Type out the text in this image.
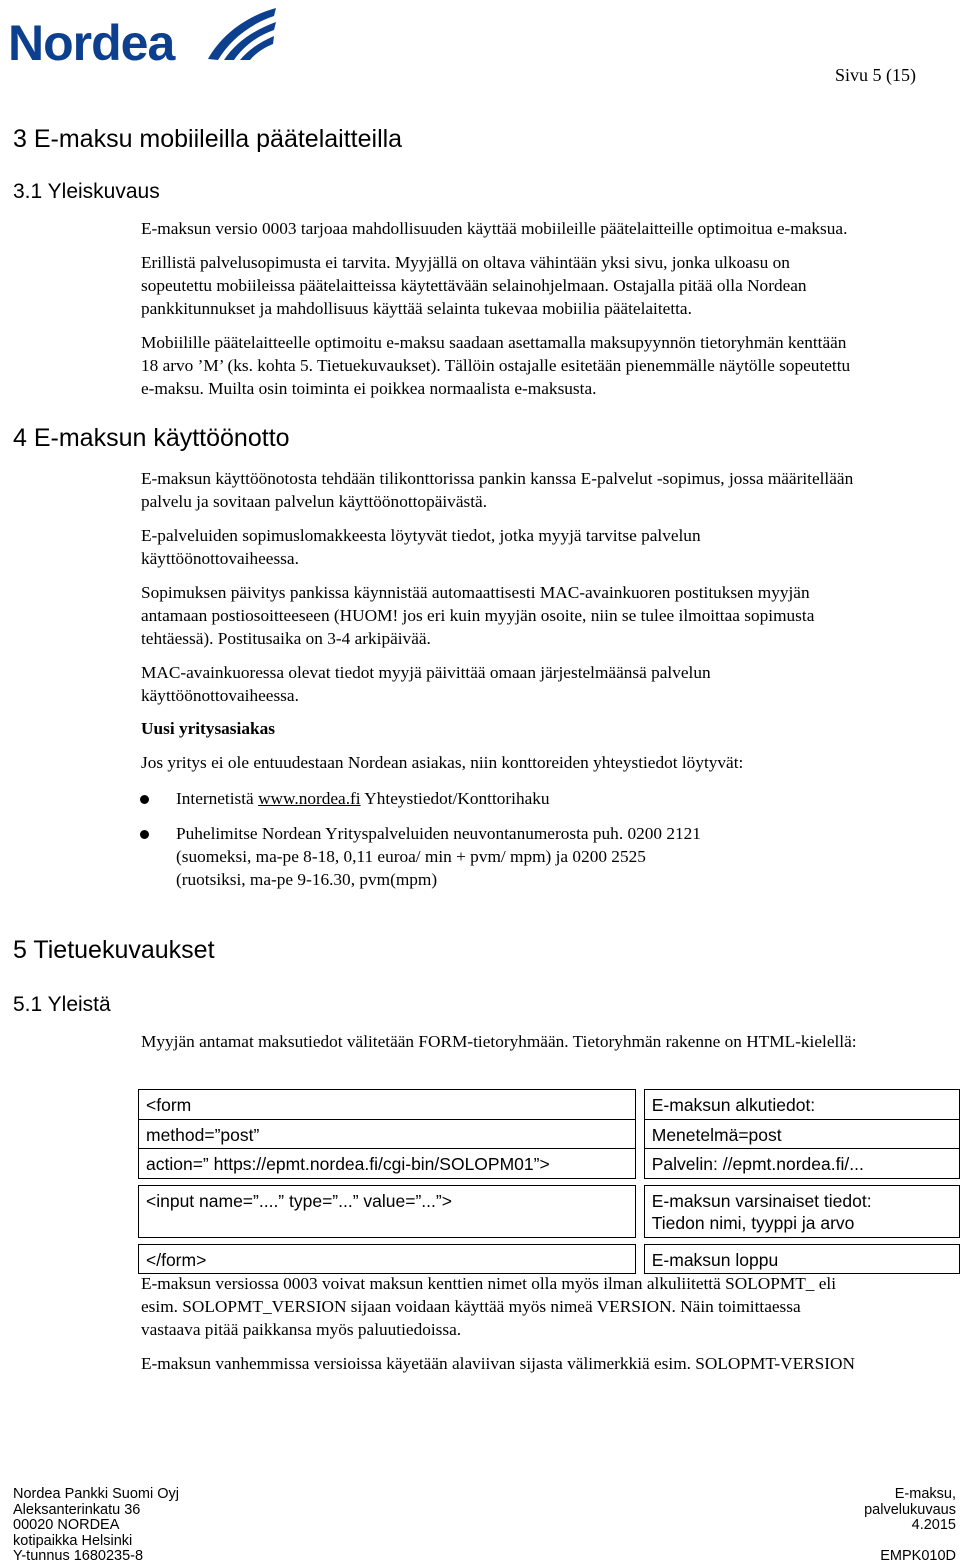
Nordea
Sivu 5 (15)
3 E-maksu mobiileilla päätelaitteilla
3.1 Yleiskuvaus
E-maksun versio 0003 tarjoaa mahdollisuuden käyttää mobiileille päätelaitteille optimoitua e-maksua.
Erillistä palvelusopimusta ei tarvita. Myyjällä on oltava vähintään yksi sivu, jonka ulkoasu on
sopeutettu mobiileissa päätelaitteissa käytettävään selainohjelmaan. Ostajalla pitää olla Nordean
pankkitunnukset ja mahdollisuus käyttää selainta tukevaa mobiilia päätelaitetta.
Mobiilille päätelaitteelle optimoitu e-maksu saadaan asettamalla maksupyynnön tietoryhmän kenttään
18 arvo ’M’ (ks. kohta 5. Tietuekuvaukset). Tällöin ostajalle esitetään pienemmälle näytölle sopeutettu
e-maksu. Muilta osin toiminta ei poikkea normaalista e-maksusta.
4 E-maksun käyttöönotto
E-maksun käyttöönotosta tehdään tilikonttorissa pankin kanssa E-palvelut -sopimus, jossa määritellään
palvelu ja sovitaan palvelun käyttöönottopäivästä.
E-palveluiden sopimuslomakkeesta löytyvät tiedot, jotka myyjä tarvitse palvelun
käyttöönottovaiheessa.
Sopimuksen päivitys pankissa käynnistää automaattisesti MAC-avainkuoren postituksen myyjän
antamaan postiosoitteeseen (HUOM! jos eri kuin myyjän osoite, niin se tulee ilmoittaa sopimusta
tehtäessä). Postitusaika on 3-4 arkipäivää.
MAC-avainkuoressa olevat tiedot myyjä päivittää omaan järjestelmäänsä palvelun
käyttöönottovaiheessa.
Uusi yritysasiakas
Jos yritys ei ole entuudestaan Nordean asiakas, niin konttoreiden yhteystiedot löytyvät:
Internetistä www.nordea.fi Yhteystiedot/Konttorihaku
Puhelimitse Nordean Yrityspalveluiden neuvontanumerosta puh. 0200 2121
(suomeksi, ma-pe 8-18, 0,11 euroa/ min + pvm/ mpm) ja 0200 2525
(ruotsiksi, ma-pe 9-16.30, pvm(mpm)
5 Tietuekuvaukset
5.1 Yleistä
Myyjän antamat maksutiedot välitetään FORM-tietoryhmään. Tietoryhmän rakenne on HTML-kielellä:
<form		E-maksun alkutiedot:
method=”post”		Menetelmä=post
action=” https://epmt.nordea.fi/cgi-bin/SOLOPM01”>		Palvelin: //epmt.nordea.fi/...

<input name=”....” type=”...” value=”...”>		E-maksun varsinaiset tiedot:
Tiedon nimi, tyyppi ja arvo

</form>		E-maksun loppu
E-maksun versiossa 0003 voivat maksun kenttien nimet olla myös ilman alkuliitettä SOLOPMT_ eli
esim. SOLOPMT_VERSION sijaan voidaan käyttää myös nimeä VERSION. Näin toimittaessa
vastaava pitää paikkansa myös paluutiedoissa.
E-maksun vanhemmissa versioissa käyetään alaviivan sijasta välimerkkiä esim. SOLOPMT-VERSION
Nordea Pankki Suomi Oyj
Aleksanterinkatu 36
00020 NORDEA
kotipaikka Helsinki
Y-tunnus 1680235-8
E-maksu,
palvelukuvaus
4.2015

EMPK010D
